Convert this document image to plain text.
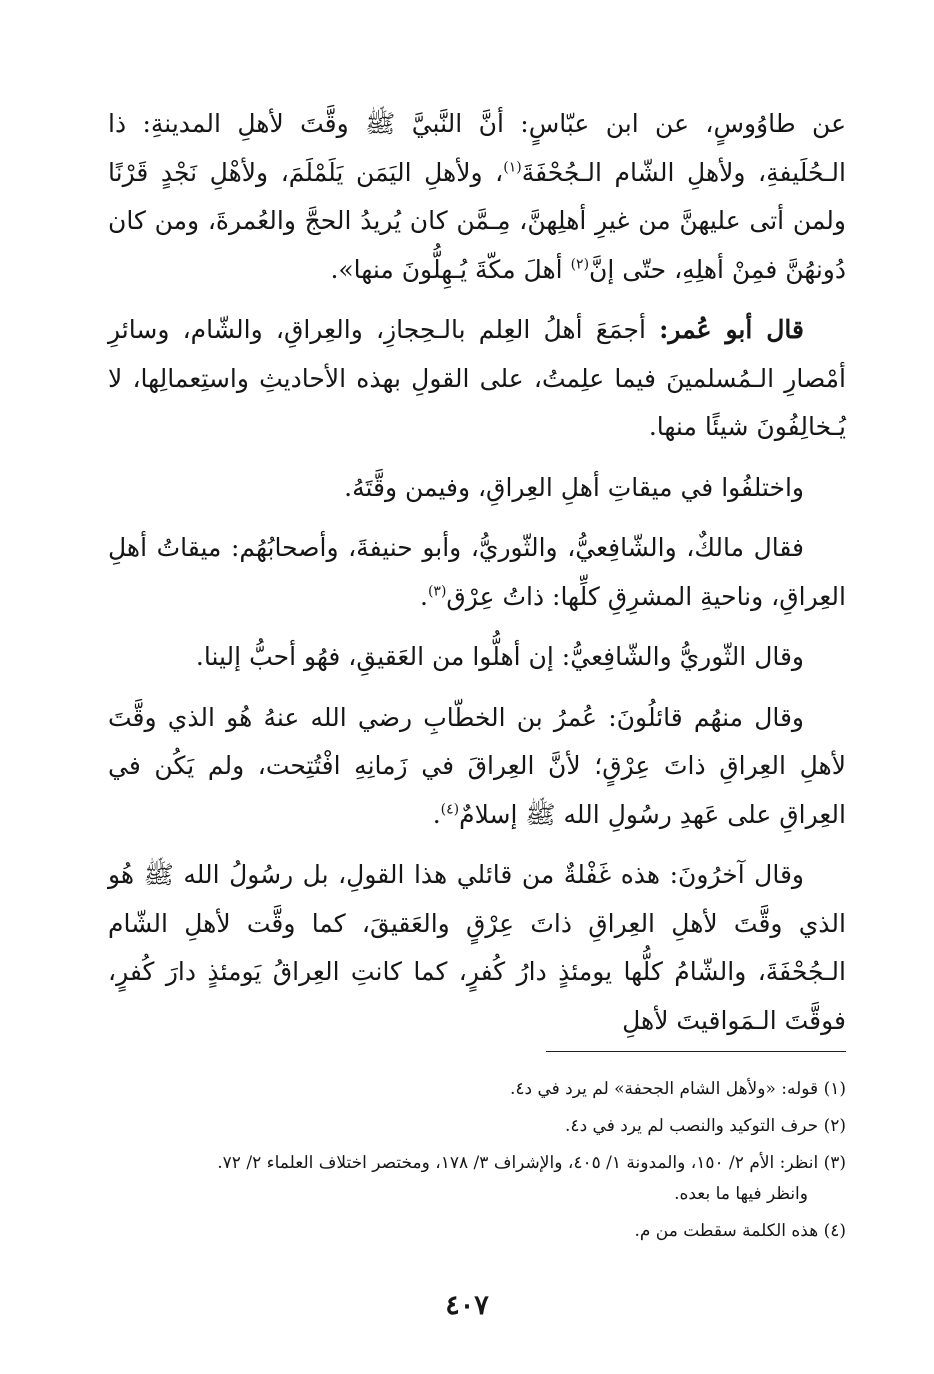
عن طاوُوسٍ، عن ابن عبّاسٍ: أنَّ النَّبيَّ ﷺ وقَّتَ لأهلِ المدينةِ: ذا الـحُلَيفةِ، ولأهلِ الشّام الـجُحْفَةَ$^{(١)}$، ولأهلِ اليَمَن يَلَمْلَمَ، ولأهْلِ نَجْدٍ قَرْنًا ولمن أتى عليهنَّ من غيرِ أهلِهنَّ، مِـمَّن كان يُريدُ الحجَّ والعُمرةَ، ومن كان دُونهُنَّ فمِنْ أهلِهِ، حتّى إنَّ$^{(٢)}$ أهلَ مكّةَ يُـهِلُّونَ منها».

قال أبو عُمر: أجمَعَ أهلُ العِلم بالـحِجازِ، والعِراقِ، والشّام، وسائرِ أمْصارِ الـمُسلمينَ فيما علِمتُ، على القولِ بهذه الأحاديثِ واستِعمالِها، لا يُـخالِفُونَ شيئًا منها.

واختلفُوا في ميقاتِ أهلِ العِراقِ، وفيمن وقَّتَهُ.

فقال مالكٌ، والشّافِعيُّ، والثّوريُّ، وأبو حنيفةَ، وأصحابُهُم: ميقاتُ أهلِ العِراقِ، وناحيةِ المشرِقِ كلِّها: ذاتُ عِرْق$^{(٣)}$.

وقال الثّوريُّ والشّافِعيُّ: إن أهلُّوا من العَقيقِ، فهُو أحبُّ إلينا.

وقال منهُم قائلُونَ: عُمرُ بن الخطّابِ رضي الله عنهُ هُو الذي وقَّتَ لأهلِ العِراقِ ذاتَ عِرْقٍ؛ لأنَّ العِراقَ في زَمانِهِ افْتُتِحت، ولم يَكُن في العِراقِ على عَهدِ رسُولِ الله ﷺ إسلامٌ$^{(٤)}$.

وقال آخرُونَ: هذه غَفْلةٌ من قائلي هذا القولِ، بل رسُولُ الله ﷺ هُو الذي وقَّتَ لأهلِ العِراقِ ذاتَ عِرْقٍ والعَقيقَ، كما وقَّت لأهلِ الشّام الـجُحْفَةَ، والشّامُ كلُّها يومئذٍ دارُ كُفرٍ، كما كانتِ العِراقُ يَومئذٍ دارَ كُفرٍ، فوقَّتَ الـمَواقيتَ لأهلِ

(١) قوله: «ولأهل الشام الجحفة» لم يرد في د٤.

(٢) حرف التوكيد والنصب لم يرد في د٤.

(٣) انظر: الأم ٢/ ١٥٠، والمدونة ١/ ٤٠٥، والإشراف ٣/ ١٧٨، ومختصر اختلاف العلماء ٢/ ٧٢.

وانظر فيها ما بعده.

(٤) هذه الكلمة سقطت من م.

٤٠٧
